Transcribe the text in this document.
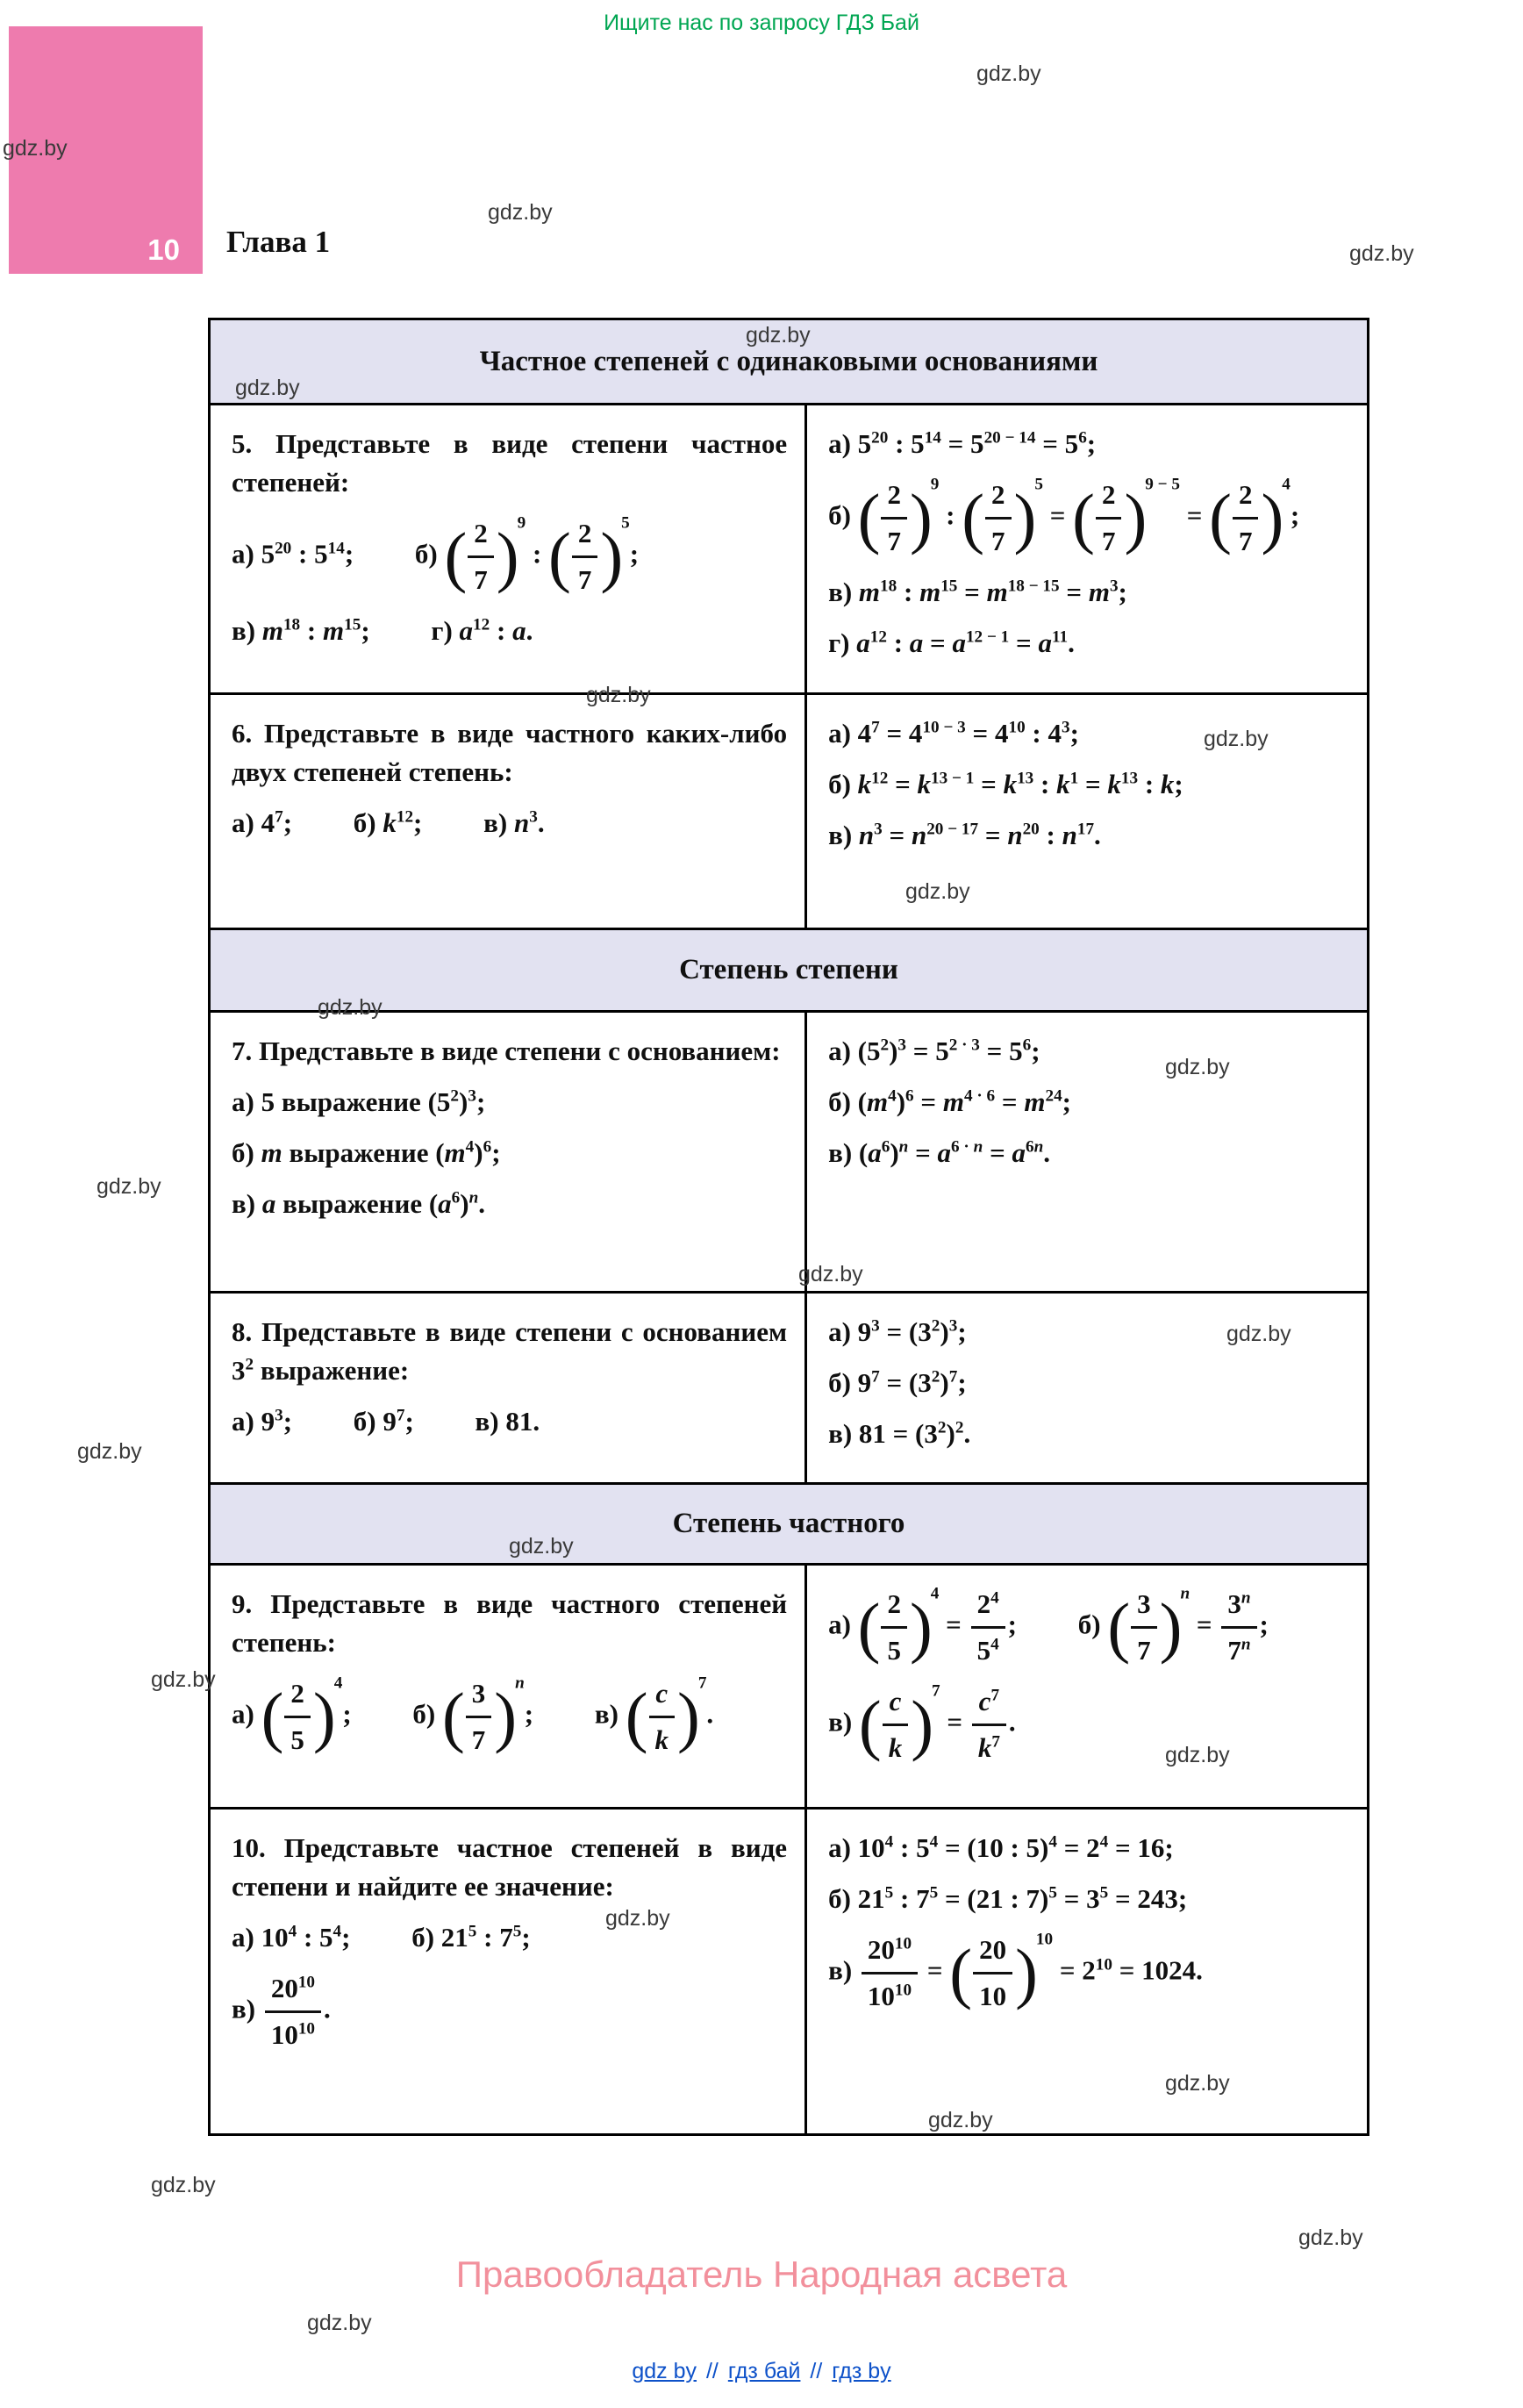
Ищите нас по запросу ГДЗ Бай
10 Глава 1
Частное степеней с одинаковыми основаниями
5. Представьте в виде степени частное степеней:
а) $5^{20}$ : $5^{14}$; б) ( $\frac{2}{7} )^9$ : ( $\frac{2}{7} )^5$;
в) $m^{18}$ : $m^{15}$; г) $a^{12}$ : a.
а) $5^{20}$ : $5^{14} = 5^{20 - 14} = 5^6$;
б) ( $\frac{2}{7} )^9$ : ( $\frac{2}{7} )^5$ = ( $\frac{2}{7} )^{9 - 5}$ = ( $\frac{2}{7} )^4$;
в) $m^{18}$ : $m^{15} = m^{18 - 15} = m^3$;
г) $a^{12}$ : $a = a^{12 - 1} = a^{11}$.
6. Представьте в виде частного каких-либо двух степеней степень:
а) $4^7$; б) $k^{12}$; в) $n^3$.
а) $4^7 = 4^{10 - 3} = 4^{10}$ : $4^3$;
б) $k^{12} = k^{13 - 1} = k^{13}$ : $k^1 = k^{13}$ : k;
в) $n^3 = n^{20 - 17} = n^{20}$ : $n^{17}$.
Степень степени
7. Представьте в виде степени с основанием:
а) 5 выражение $(5^2)^3$;
б) m выражение $(m^4)^6$;
в) a выражение $(a^6)^n$.
а) $(5^2)^3 = 5^{2 \cdot 3} = 5^6$;
б) $(m^4)^6 = m^{4 \cdot 6} = m^{24}$;
в) $(a^6)^n = a^{6 \cdot n} = a^{6n}$.
8. Представьте в виде степени с основанием $3^2$ выражение:
а) $9^3$; б) $9^7$; в) 81.
а) $9^3 = (3^2)^3$;
б) $9^7 = (3^2)^7$;
в) $81 = (3^2)^2$.
Степень частного
9. Представьте в виде частного степеней степень:
а) ( $\frac{2}{5} )^4$; б) ( $\frac{3}{7} )^n$; в) ( $\frac{c}{k} )^7$.
а) ( $\frac{2}{5} )^4 = \frac{2^4}{5^4}$ ; б) ( $\frac{3}{7} )^n = \frac{3^n}{7^n}$ ;
в) ( $\frac{c}{k} )^7 = \frac{c^7}{k^7}$ .
10. Представьте частное степеней в виде степени и найдите ее значение:
а) $10^4$ : $5^4$; б) $21^5$ : $7^5$;
$в) \frac{20^{10}}{10^{10}}$ .
а) $10^4$ : $5^4 = (10$ : $5)^4 = 2^4 = 16$;
б) $21^5$ : $7^5 = (21$ : $7)^5 = 3^5 = 243$;
$в) \frac{20^{10}}{10^{10}}$ = ( $\frac{20}{10} )^{10} = 2^{10} = 1024$.
Правообладатель Народная асвета
gdz by // гдз бай // гдз by
gdz.by
gdz.by
gdz.by
gdz.by
gdz.by
gdz.by
gdz.by
gdz.by
gdz.by
gdz.by
gdz.by
gdz.by
gdz.by
gdz.by
gdz.by
gdz.by
gdz.by
gdz.by
gdz.by
gdz.by
gdz.by
gdz.by
gdz.by
gdz.by
